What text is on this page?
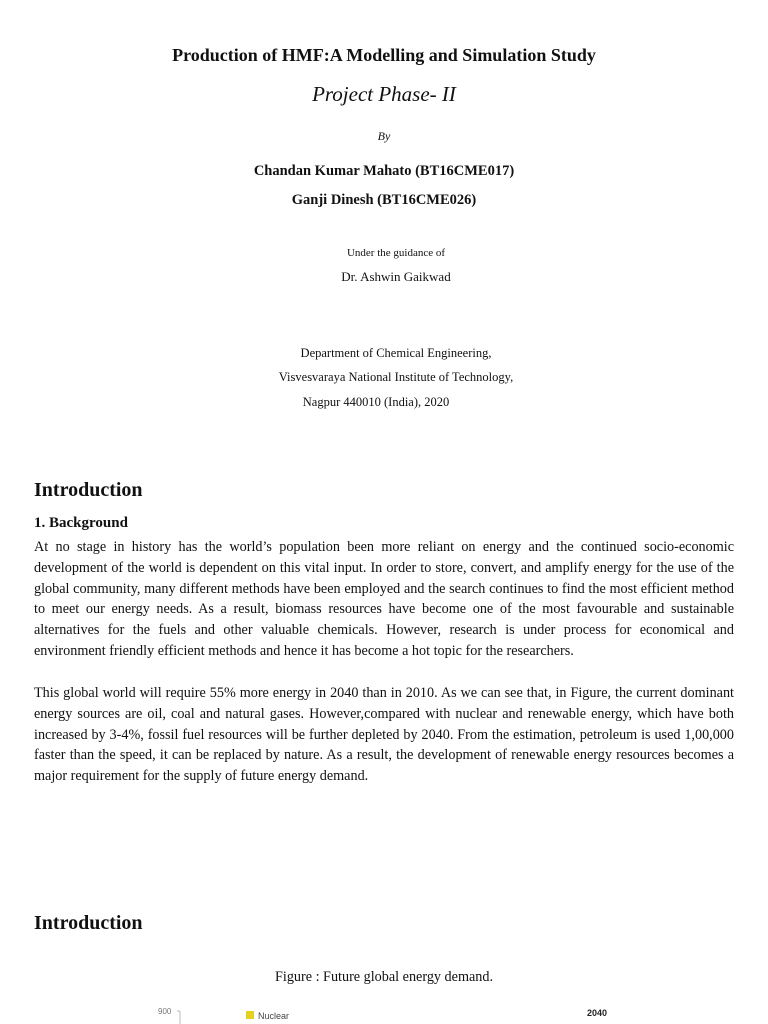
Production of HMF:A Modelling and Simulation Study
Project Phase- II
By
Chandan Kumar Mahato (BT16CME017)
Ganji Dinesh (BT16CME026)
Under the guidance of
Dr. Ashwin Gaikwad
Department of Chemical Engineering,
Visvesvaraya National Institute of Technology,
Nagpur 440010 (India), 2020
Introduction
1. Background
At no stage in history has the world’s population been more reliant on energy and the continued socio-economic development of the world is dependent on this vital input. In order to store, convert, and amplify energy for the use of the global community, many different methods have been employed and the search continues to find the most efficient method to meet our energy needs. As a result, biomass resources have become one of the most favourable and sustainable alternatives for the fuels and other valuable chemicals. However, research is under process for economical and environment friendly efficient methods and hence it has become a hot topic for the researchers.
This global world will require 55% more energy in 2040 than in 2010. As we can see that, in Figure, the current dominant energy sources are oil, coal and natural gases. However,compared with nuclear and renewable energy, which have both increased by 3-4%, fossil fuel resources will be further depleted by 2040. From the estimation, petroleum is used 1,00,000 faster than the speed, it can be replaced by nature. As a result, the development of renewable energy resources becomes a major requirement for the supply of future energy demand.
Introduction
Figure : Future global energy demand.
900	Nuclear	2040
